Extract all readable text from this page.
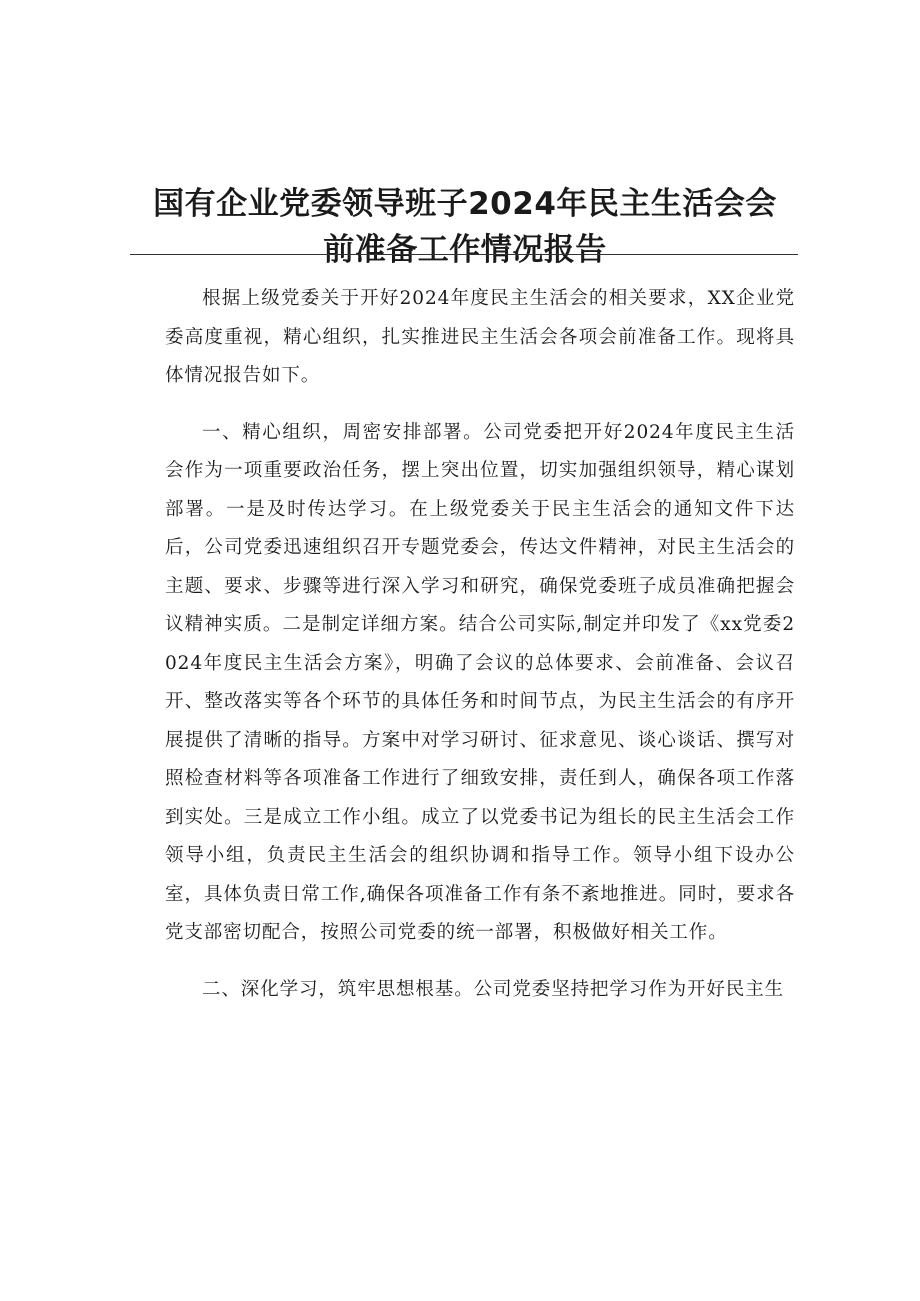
国有企业党委领导班子2024年民主生活会会
前准备工作情况报告

根据上级党委关于开好2024年度民主生活会的相关要求，XX企业党委高度重视，精心组织，扎实推进民主生活会各项会前准备工作。现将具体情况报告如下。

一、精心组织，周密安排部署。公司党委把开好2024年度民主生活会作为一项重要政治任务，摆上突出位置，切实加强组织领导，精心谋划部署。一是及时传达学习。在上级党委关于民主生活会的通知文件下达后，公司党委迅速组织召开专题党委会，传达文件精神，对民主生活会的主题、要求、步骤等进行深入学习和研究，确保党委班子成员准确把握会议精神实质。二是制定详细方案。结合公司实际,制定并印发了《xx党委2024年度民主生活会方案》，明确了会议的总体要求、会前准备、会议召开、整改落实等各个环节的具体任务和时间节点，为民主生活会的有序开展提供了清晰的指导。方案中对学习研讨、征求意见、谈心谈话、撰写对照检查材料等各项准备工作进行了细致安排，责任到人，确保各项工作落到实处。三是成立工作小组。成立了以党委书记为组长的民主生活会工作领导小组，负责民主生活会的组织协调和指导工作。领导小组下设办公室，具体负责日常工作,确保各项准备工作有条不紊地推进。同时，要求各党支部密切配合，按照公司党委的统一部署，积极做好相关工作。

二、深化学习，筑牢思想根基。公司党委坚持把学习作为开好民主生
